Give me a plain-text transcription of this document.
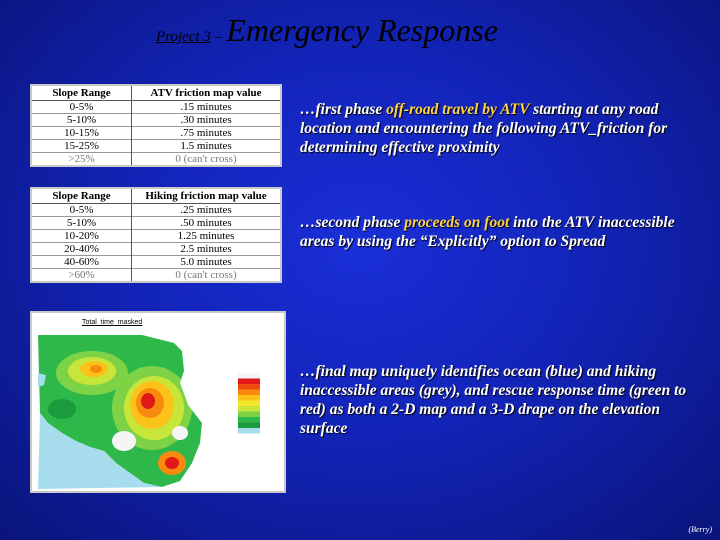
Project 3 – Emergency Response
Slope Range	ATV friction map value
0-5%	.15 minutes
5-10%	.30 minutes
10-15%	.75 minutes
15-25%	1.5 minutes
>25%	0 (can't cross)
Slope Range	Hiking friction map value
0-5%	.25 minutes
5-10%	.50 minutes
10-20%	1.25 minutes
20-40%	2.5 minutes
40-60%	5.0 minutes
>60%	0 (can't cross)
Total_time_masked
…first phase off-road travel by ATV starting at any road location and encountering the following ATV_friction for determining effective proximity
…second phase proceeds on foot into the ATV inaccessible areas by using the “Explicitly” option to Spread
…final map uniquely identifies ocean (blue) and hiking inaccessible areas (grey), and rescue response time (green to red) as both a 2-D map and a 3-D drape on the elevation surface
(Berry)
